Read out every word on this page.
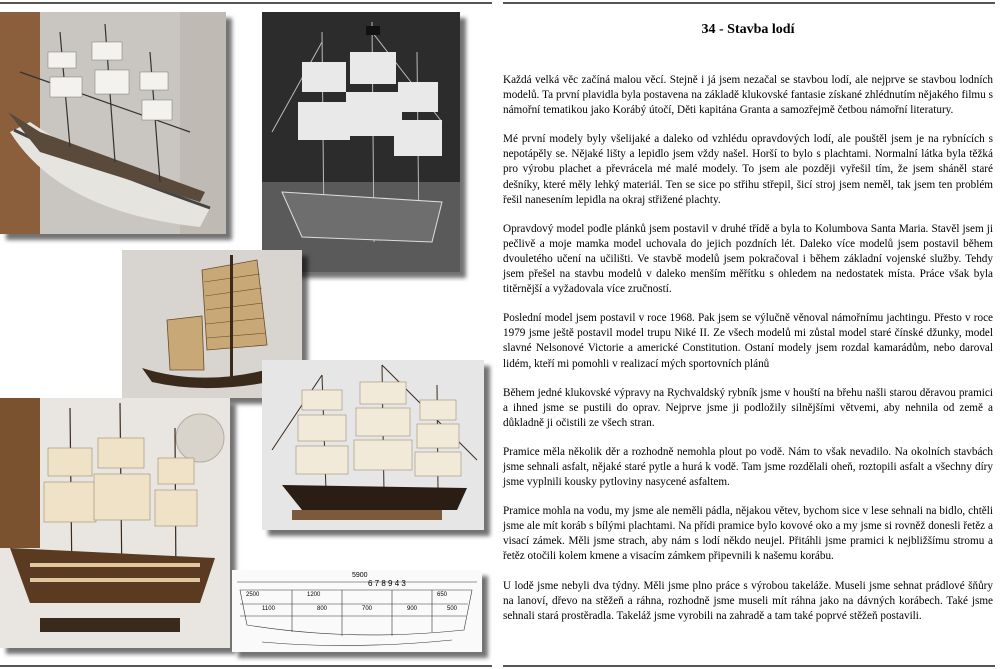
5900
6 7 8 9 4 3
2500	1200	650
1100	800	700	900	500
34 - Stavba lodí

Každá velká věc začíná malou věcí. Stejně i já jsem nezačal se stavbou lodí, ale nejprve se stavbou lodních modelů. Ta první plavidla byla postavena na základě klukovské fantasie získané zhlédnutím nějakého filmu s námořní tematikou jako Korábý útočí, Děti kapitána Granta a samozřejmě četbou námořní literatury.

Mé první modely byly všelijaké a daleko od vzhlédu opravdových lodí, ale pouštěl jsem je na rybnících s nepotápěly se. Nějaké lišty a lepidlo jsem vždy našel. Horší to bylo s plachtami. Normalní látka byla těžká pro výrobu plachet a převrácela mé malé modely. To jsem ale později vyřešil tím, že jsem sháněl staré dešníky, které měly lehký materiál. Ten se sice po střihu střepil, šicí stroj jsem neměl, tak jsem ten problém řešil nanesením lepidla na okraj střižené plachty.

Opravdový model podle plánků jsem postavil v druhé třídě a byla to Kolumbova Santa Maria. Stavěl jsem ji pečlivě a moje mamka model uchovala do jejich pozdních lét. Daleko více modelů jsem postavil během dvouletého učení na učilišti. Ve stavbě modelů jsem pokračoval i během základní vojenské služby. Tehdy jsem přešel na stavbu modelů v daleko menším měřítku s ohledem na nedostatek místa. Práce však byla titěrnější a vyžadovala více zručností.

Poslední model jsem postavil v roce 1968. Pak jsem se výlučně věnoval námořnímu jachtingu. Přesto v roce 1979 jsme ještě postavil model trupu Niké II. Ze všech modelů mi zůstal model staré čínské džunky, model slavné Nelsonové Victorie a americké Constitution. Ostaní modely jsem rozdal kamarádům, nebo daroval lidém, kteří mi pomohli v realizací mých sportovních plánů

Během jedné klukovské výpravy na Rychvaldský rybník jsme v houští na břehu našli starou děravou pramici a ihned jsme se pustili do oprav. Nejprve jsme ji podložily silnějšími větvemi, aby nehnila od země a důkladně ji očistili ze všech stran.

Pramice měla několik děr a rozhodně nemohla plout po vodě. Nám to však nevadilo. Na okolních stavbách jsme sehnali asfalt, nějaké staré pytle a hurá k vodě. Tam jsme rozdělali oheň, roztopili asfalt a všechny díry jsme vyplnili kousky pytloviny nasycené asfaltem.

Pramice mohla na vodu, my jsme ale neměli pádla, nějakou větev, bychom sice v lese sehnali na bidlo, chtěli jsme ale mít koráb s bílými plachtami. Na přídi pramice bylo kovové oko a my jsme si rovněž donesli řetěz a visací zámek. Měli jsme strach, aby nám s lodí někdo neujel. Přitáhli jsme pramici k nejbližšímu stromu a řetěz otočili kolem kmene a visacím zámkem připevnili k našemu korábu.

U lodě jsme nebyli dva týdny. Měli jsme plno práce s výrobou takeláže. Museli jsme sehnat prádlové šňůry na lanoví, dřevo na stěžeň a ráhna, rozhodně jsme museli mít ráhna jako na dávných korábech. Také jsme sehnali stará prostěradla. Takeláž jsme vyrobili na zahradě a tam také poprvé stěžeň postavili.
